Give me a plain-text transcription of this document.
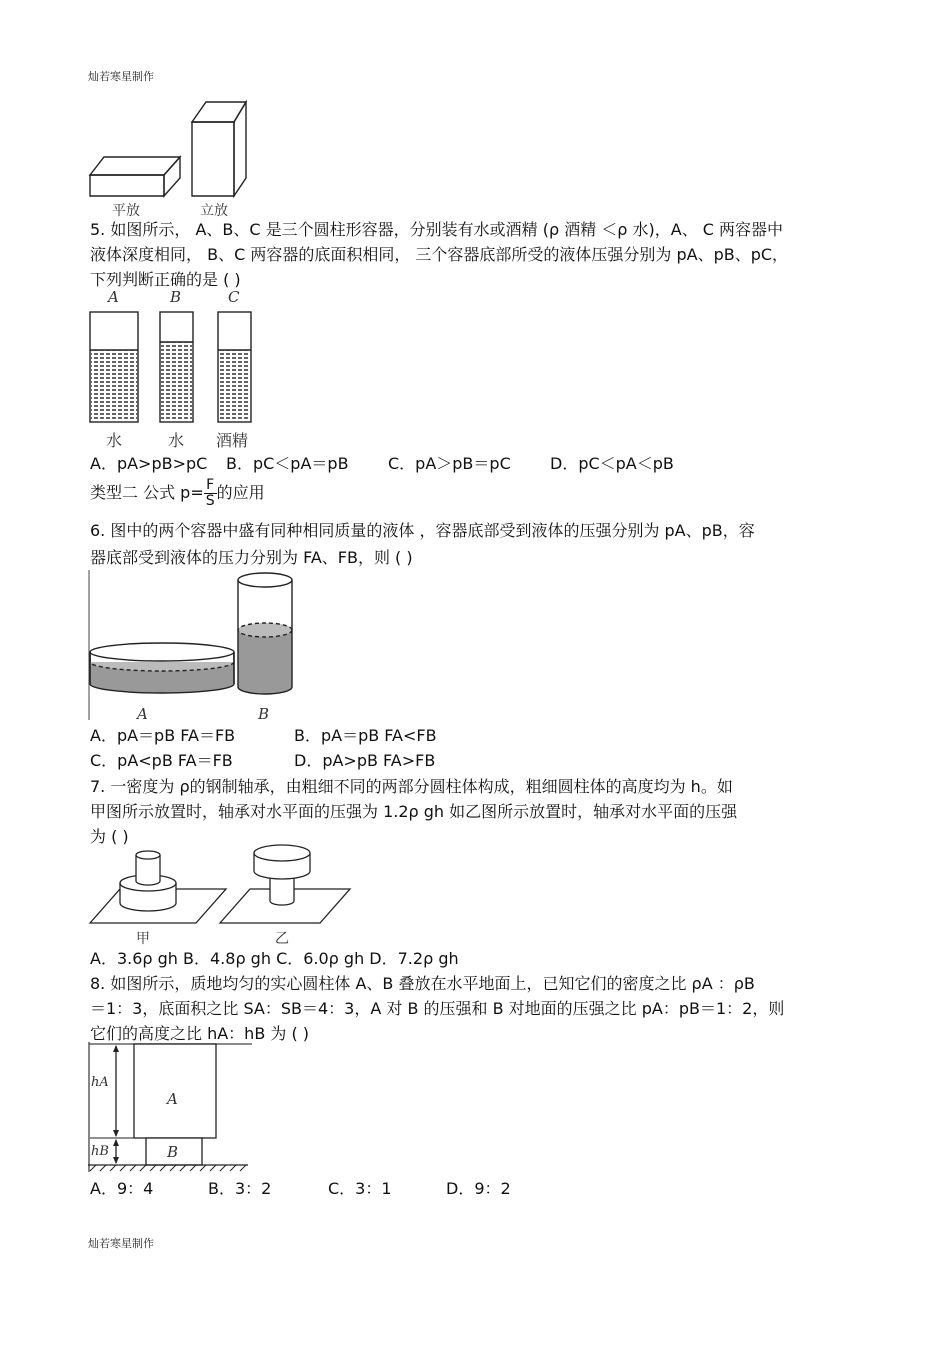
灿若寒星制作
平放	立放
5. 如图所示， A、B、C 是三个圆柱形容器，分别装有水或酒精 (ρ 酒精 ＜ρ 水)，A、 C 两容器中
液体深度相同， B、C 两容器的底面积相同， 三个容器底部所受的液体压强分别为 pA、pB、pC，
下列判断正确的是 ( )
A	B	C
水	水 酒精
A．pA>pB>pC B．pC＜pA＝pB C．pA＞pB＝pC D．pC＜pA＜pB
类型二 公式 $p= \frac{F}{S}$ 的应用
6. 图中的两个容器中盛有同种相同质量的液体 ，容器底部受到液体的压强分别为 pA、pB，容
器底部受到液体的压力分别为 FA、FB，则 ( )
A	B
A．pA＝pB FA＝FB	B．pA＝pB FA<FB
C．pA<pB FA＝FB	D．pA>pB FA>FB
7. 一密度为 ρ的钢制轴承，由粗细不同的两部分圆柱体构成，粗细圆柱体的高度均为 h。如
甲图所示放置时，轴承对水平面的压强为 1.2ρ gh 如乙图所示放置时，轴承对水平面的压强
为 ( )
甲	乙
A．3.6ρ gh B．4.8ρ gh C．6.0ρ gh D．7.2ρ gh
8. 如图所示，质地均匀的实心圆柱体 A、B 叠放在水平地面上，已知它们的密度之比 ρA ：ρB
＝1：3，底面积之比 SA：SB＝4：3，A 对 B 的压强和 B 对地面的压强之比 pA：pB＝1：2，则
它们的高度之比 hA：hB 为 ( )
A
B
hA
hB
A．9：4	B．3：2	C．3：1	D．9：2
灿若寒星制作
